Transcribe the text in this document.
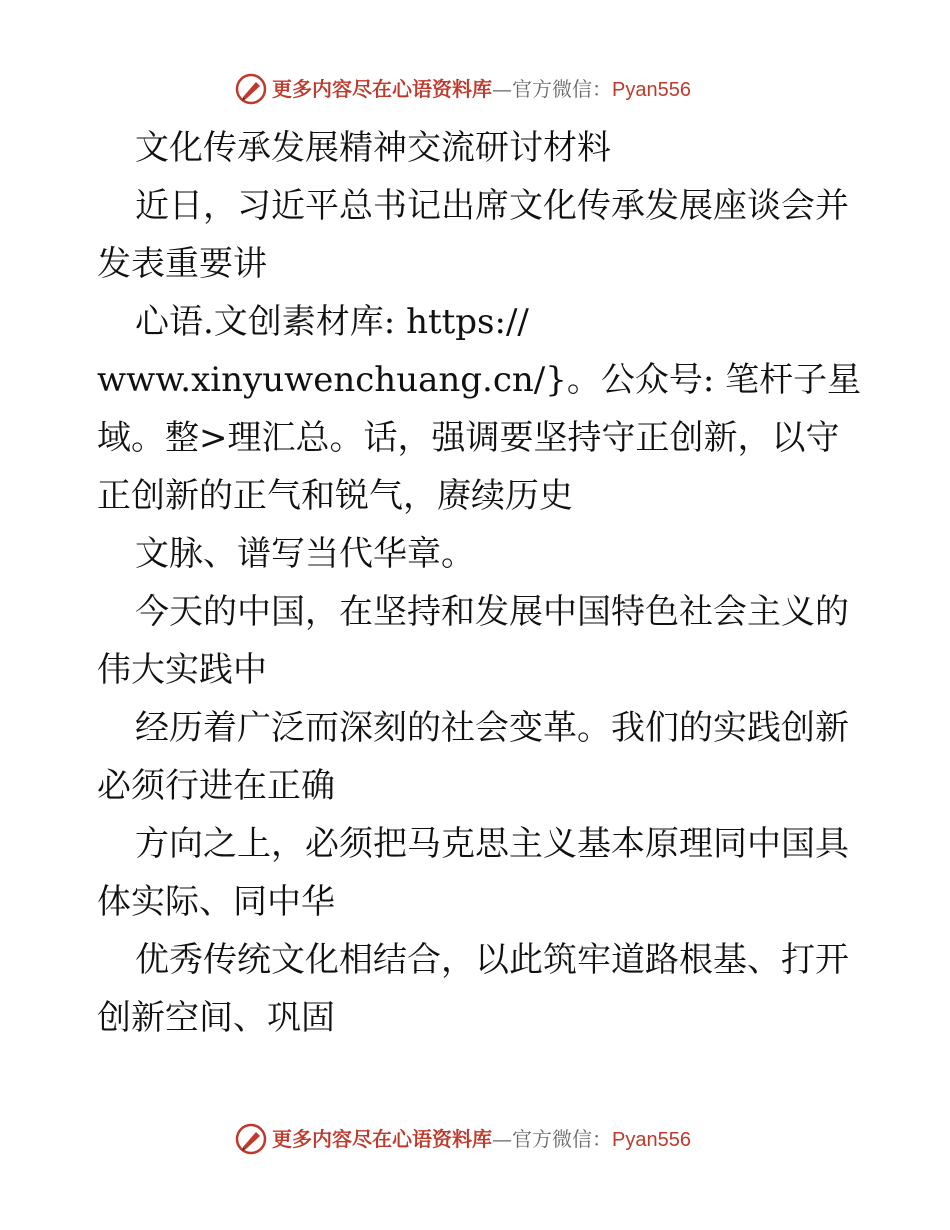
更多内容尽在心语资料库—官方微信：Pyan556
文化传承发展精神交流研讨材料
近日，习近平总书记出席文化传承发展座谈会并
发表重要讲
心语.文创素材库: https://
www.xinyuwenchuang.cn/}。公众号: 笔杆子星
域。整>理汇总。话，强调要坚持守正创新，以守
正创新的正气和锐气，赓续历史
文脉、谱写当代华章。
今天的中国，在坚持和发展中国特色社会主义的
伟大实践中
经历着广泛而深刻的社会变革。我们的实践创新
必须行进在正确
方向之上，必须把马克思主义基本原理同中国具
体实际、同中华
优秀传统文化相结合，以此筑牢道路根基、打开
创新空间、巩固
更多内容尽在心语资料库—官方微信：Pyan556
